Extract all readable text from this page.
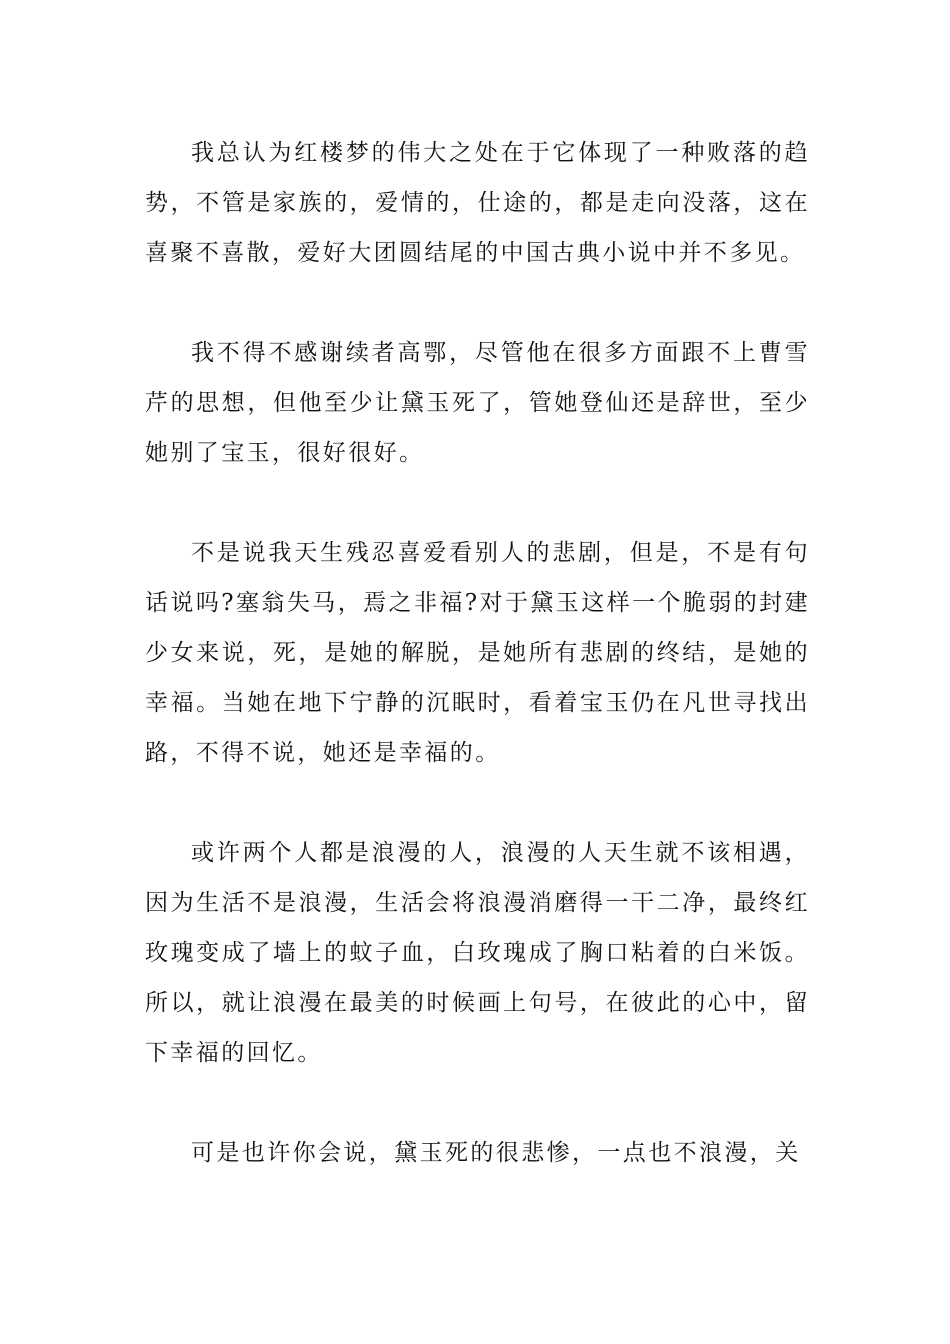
我总认为红楼梦的伟大之处在于它体现了一种败落的趋势，不管是家族的，爱情的，仕途的，都是走向没落，这在喜聚不喜散，爱好大团圆结尾的中国古典小说中并不多见。

我不得不感谢续者高鄂，尽管他在很多方面跟不上曹雪芹的思想，但他至少让黛玉死了，管她登仙还是辞世，至少她别了宝玉，很好很好。

不是说我天生残忍喜爱看别人的悲剧，但是，不是有句话说吗?塞翁失马，焉之非福?对于黛玉这样一个脆弱的封建少女来说，死，是她的解脱，是她所有悲剧的终结，是她的幸福。当她在地下宁静的沉眠时，看着宝玉仍在凡世寻找出路，不得不说，她还是幸福的。

或许两个人都是浪漫的人，浪漫的人天生就不该相遇，因为生活不是浪漫，生活会将浪漫消磨得一干二净，最终红玫瑰变成了墙上的蚊子血，白玫瑰成了胸口粘着的白米饭。所以，就让浪漫在最美的时候画上句号，在彼此的心中，留下幸福的回忆。

可是也许你会说，黛玉死的很悲惨，一点也不浪漫，关
